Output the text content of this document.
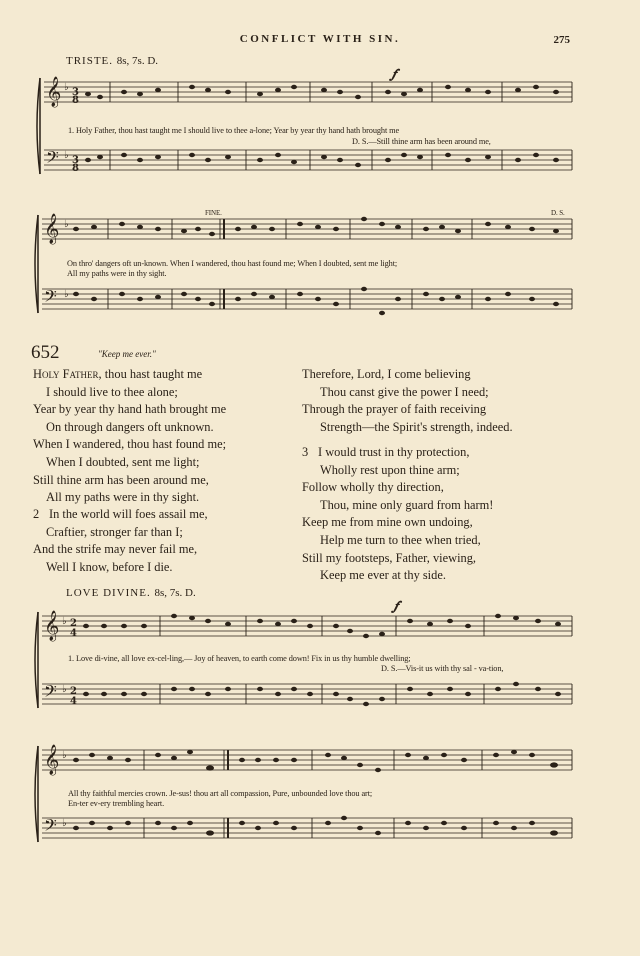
CONFLICT WITH SIN.	275
TRISTE. 8s, 7s. D.
𝄞
𝄢
♭ 3
8
♭ 3
8
𝆑
1. Holy Father, thou hast taught me I should live to thee a-lone; Year by year thy hand hath brought me
D. S.—Still thine arm has been around me,
𝄞
𝄢
♭
♭
FINE.	D. S.
On thro' dangers oft un-known. When I wandered, thou hast found me; When I doubted, sent me light;
All my paths were in thy sight.
652	"Keep me ever."
Holy Father, thou hast taught me
I should live to thee alone;
Year by year thy hand hath brought me
On through dangers oft unknown.
When I wandered, thou hast found me;
When I doubted, sent me light;
Still thine arm has been around me,
All my paths were in thy sight.
2 In the world will foes assail me,
Craftier, stronger far than I;
And the strife may never fail me,
Well I know, before I die.
Therefore, Lord, I come believing
Thou canst give the power I need;
Through the prayer of faith receiving
Strength—the Spirit's strength, indeed.
3 I would trust in thy protection,
Wholly rest upon thine arm;
Follow wholly thy direction,
Thou, mine only guard from harm!
Keep me from mine own undoing,
Help me turn to thee when tried,
Still my footsteps, Father, viewing,
Keep me ever at thy side.
LOVE DIVINE. 8s, 7s. D.
𝄞
𝄢
♭ 2
4
♭ 2
4
𝆑
1. Love di-vine, all love ex-cel-ling,— Joy of heaven, to earth come down! Fix in us thy humble dwelling;
D. S.—Vis-it us with thy sal - va-tion,
𝄞
𝄢
♭
♭
All thy faithful mercies crown. Je-sus! thou art all compassion, Pure, unbounded love thou art;
En-ter ev-ery trembling heart.
